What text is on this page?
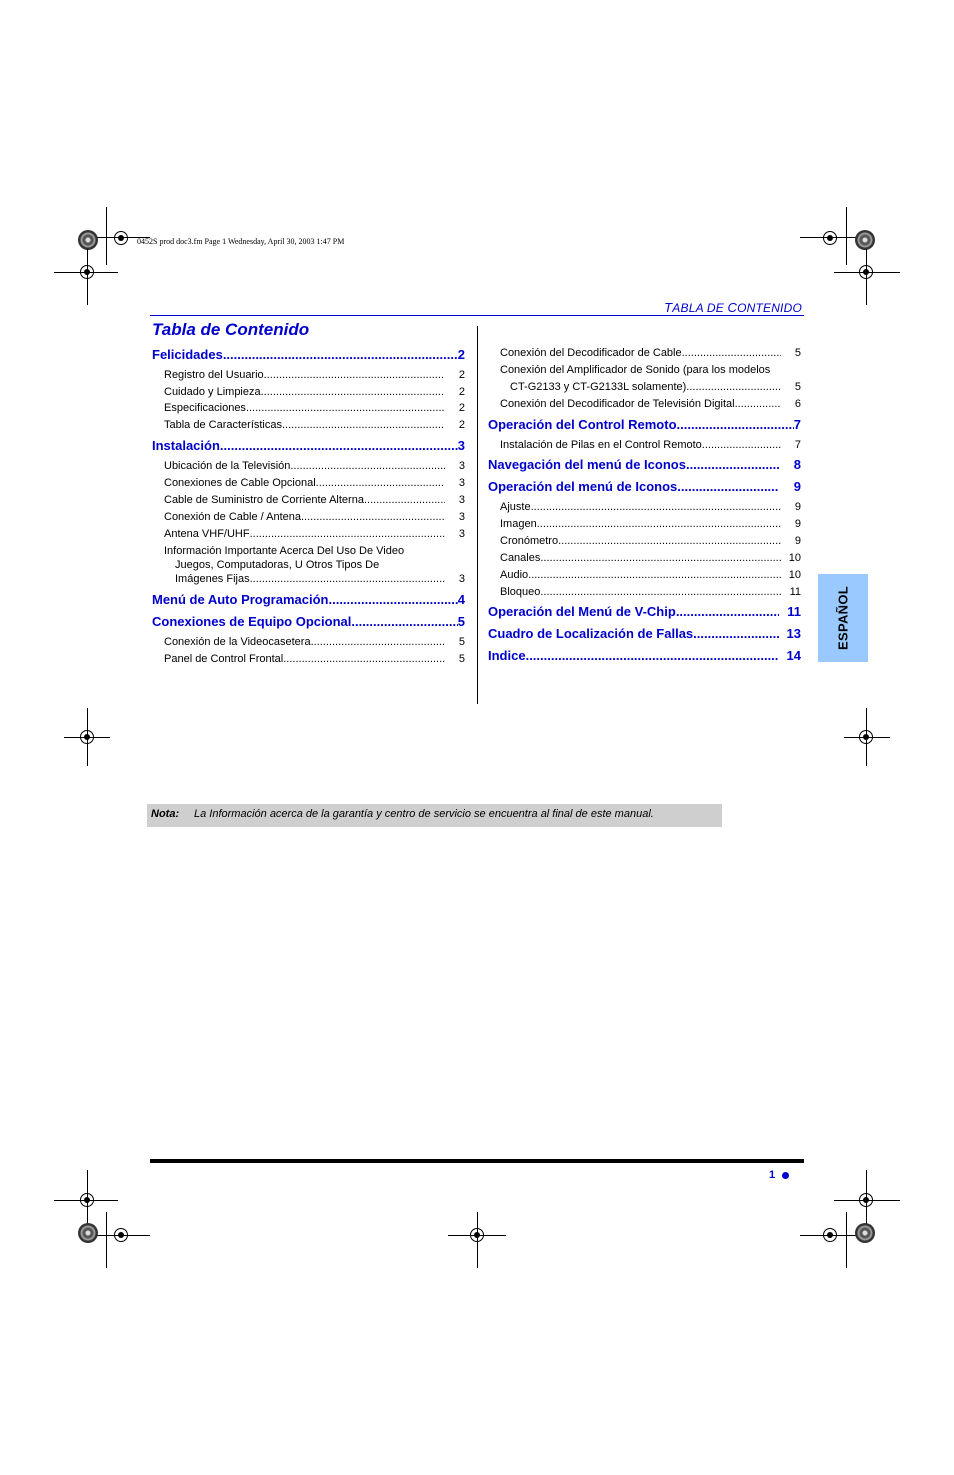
0452S prod doc3.fm Page 1 Wednesday, April 30, 2003 1:47 PM
TABLA DE CONTENIDO
Tabla de Contenido
Felicidades .....	2
Registro del Usuario .....	2
Cuidado y Limpieza .....	2
Especificaciones .....	2
Tabla de Características .....	2
Instalación .....	3
Ubicación de la Televisión .....	3
Conexiones de Cable Opcional .....	3
Cable de Suministro de Corriente Alterna .....	3
Conexión de Cable / Antena .....	3
Antena VHF/UHF .....	3
Información Importante Acerca Del Uso De Video
Juegos, Computadoras, U Otros Tipos De
Imágenes Fijas. .....	3
Menú de Auto Programación .....	4
Conexiones de Equipo Opcional .....	5
Conexión de la Videocasetera .....	5
Panel de Control Frontal .....	5
Conexión del Decodificador de Cable .....	5
Conexión del Amplificador de Sonido (para los modelos
CT-G2133 y CT-G2133L solamente) .....	5
Conexión del Decodificador de Televisión Digital .....	6
Operación del Control Remoto .....	7
Instalación de Pilas en el Control Remoto .....	7
Navegación del menú de Iconos .....	8
Operación del menú de Iconos .....	9
Ajuste .....	9
Imagen .....	9
Cronómetro .....	9
Canales .....	10
Audio .....	10
Bloqueo .....	11
Operación del Menú de V-Chip .....	11
Cuadro de Localización de Fallas .....	13
Indice .....	14
ESPAÑOL
Nota: La Información acerca de la garantía y centro de servicio se encuentra al final de este manual.
1
